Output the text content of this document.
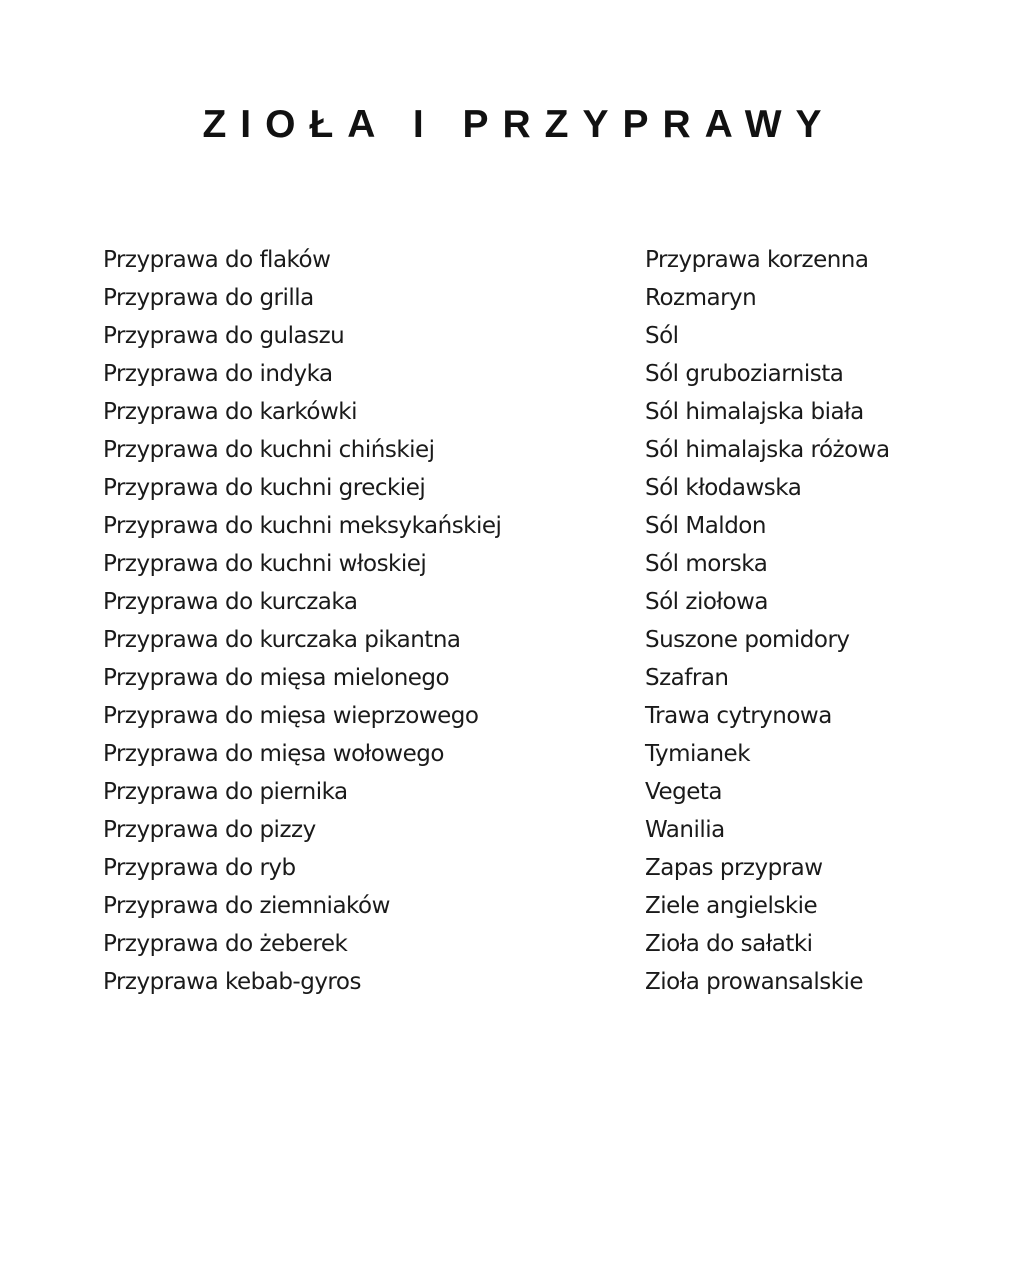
ZIOŁA I PRZYPRAWY
Przyprawa do flaków
Przyprawa do grilla
Przyprawa do gulaszu
Przyprawa do indyka
Przyprawa do karkówki
Przyprawa do kuchni chińskiej
Przyprawa do kuchni greckiej
Przyprawa do kuchni meksykańskiej
Przyprawa do kuchni włoskiej
Przyprawa do kurczaka
Przyprawa do kurczaka pikantna
Przyprawa do mięsa mielonego
Przyprawa do mięsa wieprzowego
Przyprawa do mięsa wołowego
Przyprawa do piernika
Przyprawa do pizzy
Przyprawa do ryb
Przyprawa do ziemniaków
Przyprawa do żeberek
Przyprawa kebab-gyros
Przyprawa korzenna
Rozmaryn
Sól
Sól gruboziarnista
Sól himalajska biała
Sól himalajska różowa
Sól kłodawska
Sól Maldon
Sól morska
Sól ziołowa
Suszone pomidory
Szafran
Trawa cytrynowa
Tymianek
Vegeta
Wanilia
Zapas przypraw
Ziele angielskie
Zioła do sałatki
Zioła prowansalskie
